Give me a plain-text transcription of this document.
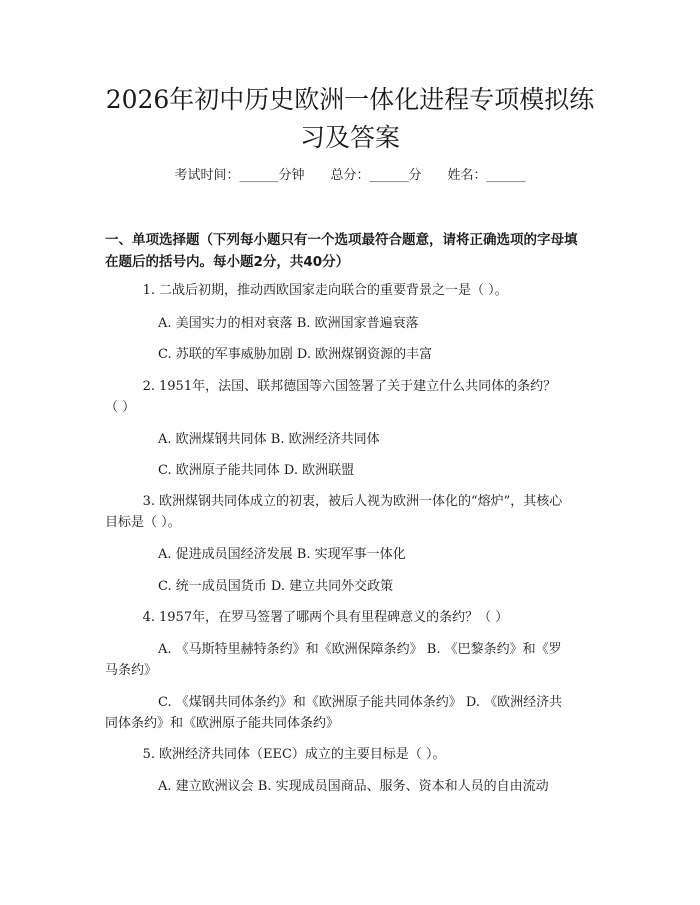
2026年初中历史欧洲一体化进程专项模拟练
习及答案
考试时间：______分钟 总分：______分 姓名：______
一、单项选择题（下列每小题只有一个选项最符合题意，请将正确选项的字母填
在题后的括号内。每小题2分，共40分）
1. 二战后初期，推动西欧国家走向联合的重要背景之一是（ ）。
A. 美国实力的相对衰落 B. 欧洲国家普遍衰落
C. 苏联的军事威胁加剧 D. 欧洲煤钢资源的丰富
2. 1951年，法国、联邦德国等六国签署了关于建立什么共同体的条约？
（ ）
A. 欧洲煤钢共同体 B. 欧洲经济共同体
C. 欧洲原子能共同体 D. 欧洲联盟
3. 欧洲煤钢共同体成立的初衷，被后人视为欧洲一体化的“熔炉”，其核心
目标是（ ）。
A. 促进成员国经济发展 B. 实现军事一体化
C. 统一成员国货币 D. 建立共同外交政策
4. 1957年，在罗马签署了哪两个具有里程碑意义的条约？（ ）
A. 《马斯特里赫特条约》和《欧洲保障条约》 B. 《巴黎条约》和《罗
马条约》
C. 《煤钢共同体条约》和《欧洲原子能共同体条约》 D. 《欧洲经济共
同体条约》和《欧洲原子能共同体条约》
5. 欧洲经济共同体（EEC）成立的主要目标是（ ）。
A. 建立欧洲议会 B. 实现成员国商品、服务、资本和人员的自由流动
